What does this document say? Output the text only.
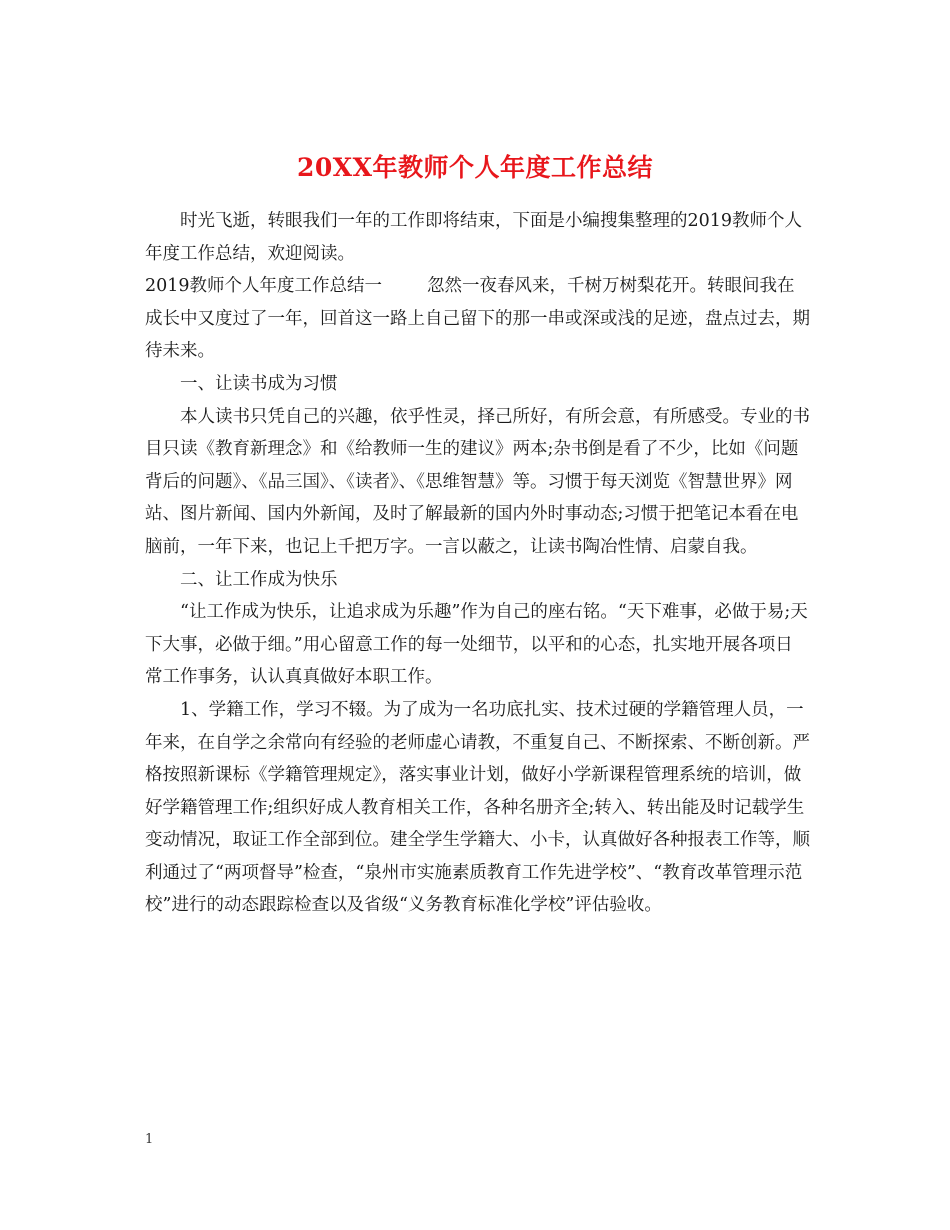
20XX年教师个人年度工作总结

时光飞逝，转眼我们一年的工作即将结束，下面是小编搜集整理的2019教师个人年度工作总结，欢迎阅读。

2019教师个人年度工作总结一	忽然一夜春风来，千树万树梨花开。转眼间我在成长中又度过了一年，回首这一路上自己留下的那一串或深或浅的足迹，盘点过去，期待未来。

一、让读书成为习惯

本人读书只凭自己的兴趣，依乎性灵，择己所好，有所会意，有所感受。专业的书目只读《教育新理念》和《给教师一生的建议》两本;杂书倒是看了不少，比如《问题背后的问题》、《品三国》、《读者》、《思维智慧》等。习惯于每天浏览《智慧世界》网站、图片新闻、国内外新闻，及时了解最新的国内外时事动态;习惯于把笔记本看在电脑前，一年下来，也记上千把万字。一言以蔽之，让读书陶冶性情、启蒙自我。

二、让工作成为快乐

“让工作成为快乐，让追求成为乐趣”作为自己的座右铭。“天下难事，必做于易;天下大事，必做于细。”用心留意工作的每一处细节，以平和的心态，扎实地开展各项日常工作事务，认认真真做好本职工作。

1、学籍工作，学习不辍。为了成为一名功底扎实、技术过硬的学籍管理人员，一年来，在自学之余常向有经验的老师虚心请教，不重复自己、不断探索、不断创新。严格按照新课标《学籍管理规定》，落实事业计划，做好小学新课程管理系统的培训，做好学籍管理工作;组织好成人教育相关工作，各种名册齐全;转入、转出能及时记载学生变动情况，取证工作全部到位。建全学生学籍大、小卡，认真做好各种报表工作等，顺利通过了“两项督导”检查，“泉州市实施素质教育工作先进学校”、“教育改革管理示范校”进行的动态跟踪检查以及省级“义务教育标准化学校”评估验收。

1
